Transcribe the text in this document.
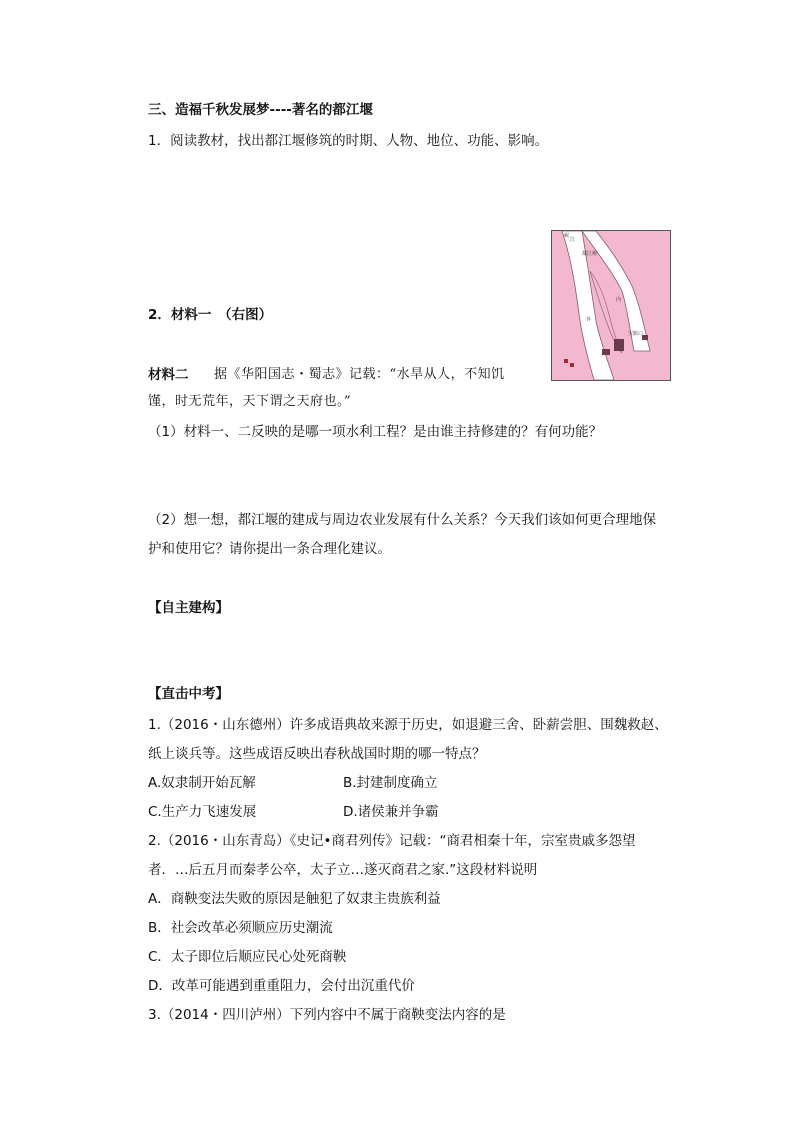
三、造福千秋发展梦----著名的都江堰
1．阅读教材，找出都江堰修筑的时期、人物、地位、功能、影响。
2．材料一　（右图）
都江堰
宝瓶口
江
岷
内
外
材料二 据《华阳国志・蜀志》记载：“水旱从人，不知饥
馑，时无荒年，天下谓之天府也。”
（1）材料一、二反映的是哪一项水利工程？是由谁主持修建的？有何功能？
（2）想一想，都江堰的建成与周边农业发展有什么关系？今天我们该如何更合理地保
护和使用它？请你提出一条合理化建议。
【自主建构】
【直击中考】
1.（2016・山东德州）许多成语典故来源于历史，如退避三舍、卧薪尝胆、围魏救赵、
纸上谈兵等。这些成语反映出春秋战国时期的哪一特点？
A.奴隶制开始瓦解	B.封建制度确立
C.生产力飞速发展	D.诸侯兼并争霸
2.（2016・山东青岛）《史记•商君列传》记载：“商君相秦十年，宗室贵戚多怨望
者．…后五月而秦孝公卒，太子立…遂灭商君之家.”这段材料说明
A．商鞅变法失败的原因是触犯了奴隶主贵族利益
B．社会改革必须顺应历史潮流
C．太子即位后顺应民心处死商鞅
D．改革可能遇到重重阻力，会付出沉重代价
3.（2014・四川泸州）下列内容中不属于商鞅变法内容的是
